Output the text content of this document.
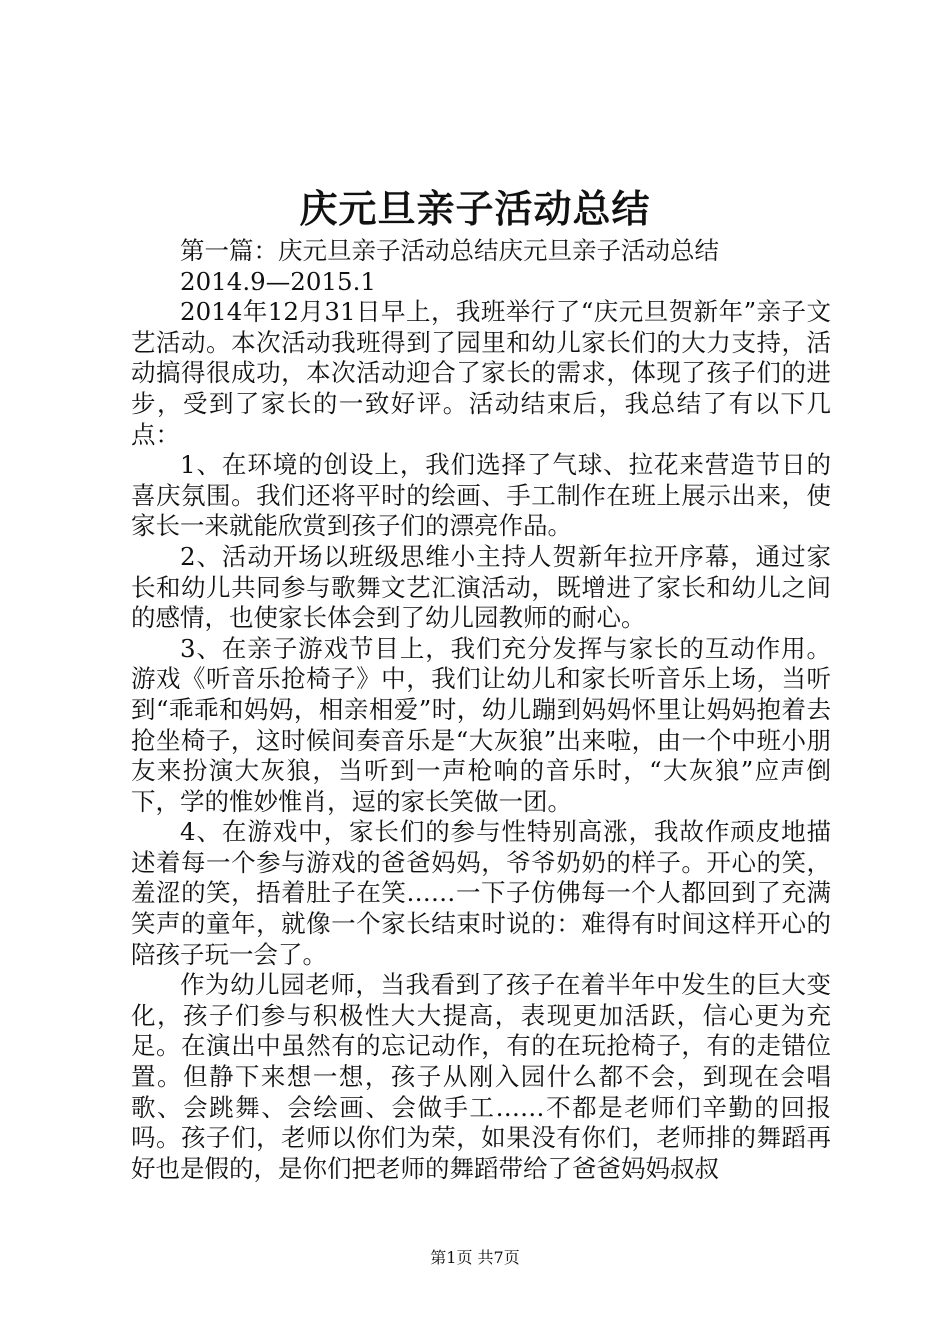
庆元旦亲子活动总结

第一篇：庆元旦亲子活动总结庆元旦亲子活动总结

2014.9—2015.1

2014年12月31日早上，我班举行了“庆元旦贺新年”亲子文艺活动。本次活动我班得到了园里和幼儿家长们的大力支持，活动搞得很成功，本次活动迎合了家长的需求，体现了孩子们的进步，受到了家长的一致好评。活动结束后，我总结了有以下几点：

1、在环境的创设上，我们选择了气球、拉花来营造节日的喜庆氛围。我们还将平时的绘画、手工制作在班上展示出来，使家长一来就能欣赏到孩子们的漂亮作品。

2、活动开场以班级思维小主持人贺新年拉开序幕，通过家长和幼儿共同参与歌舞文艺汇演活动，既增进了家长和幼儿之间的感情，也使家长体会到了幼儿园教师的耐心。

3、在亲子游戏节目上，我们充分发挥与家长的互动作用。游戏《听音乐抢椅子》中，我们让幼儿和家长听音乐上场，当听到“乖乖和妈妈，相亲相爱”时，幼儿蹦到妈妈怀里让妈妈抱着去抢坐椅子，这时候间奏音乐是“大灰狼”出来啦，由一个中班小朋友来扮演大灰狼，当听到一声枪响的音乐时，“大灰狼”应声倒下，学的惟妙惟肖，逗的家长笑做一团。

4、在游戏中，家长们的参与性特别高涨，我故作顽皮地描述着每一个参与游戏的爸爸妈妈，爷爷奶奶的样子。开心的笑，羞涩的笑，捂着肚子在笑……一下子仿佛每一个人都回到了充满笑声的童年，就像一个家长结束时说的：难得有时间这样开心的陪孩子玩一会了。

作为幼儿园老师，当我看到了孩子在着半年中发生的巨大变化，孩子们参与积极性大大提高，表现更加活跃，信心更为充足。在演出中虽然有的忘记动作，有的在玩抢椅子，有的走错位置。但静下来想一想，孩子从刚入园什么都不会，到现在会唱歌、会跳舞、会绘画、会做手工……不都是老师们辛勤的回报吗。孩子们，老师以你们为荣，如果没有你们，老师排的舞蹈再好也是假的，是你们把老师的舞蹈带给了爸爸妈妈叔叔

第1页 共7页
